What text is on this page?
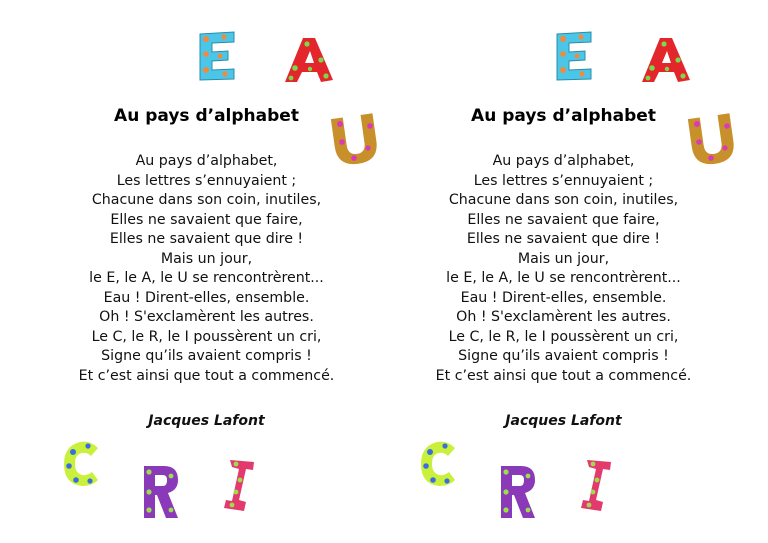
Au pays d’alphabet
Au pays d’alphabet,
Les lettres s’ennuyaient ;
Chacune dans son coin, inutiles,
Elles ne savaient que faire,
Elles ne savaient que dire !
Mais un jour,
le E, le A, le U se rencontrèrent...
Eau ! Dirent-elles, ensemble.
Oh ! S'exclamèrent les autres.
Le C, le R, le I poussèrent un cri,
Signe qu’ils avaient compris !
Et c’est ainsi que tout a commencé.
Jacques Lafont
Au pays d’alphabet
Au pays d’alphabet,
Les lettres s’ennuyaient ;
Chacune dans son coin, inutiles,
Elles ne savaient que faire,
Elles ne savaient que dire !
Mais un jour,
le E, le A, le U se rencontrèrent...
Eau ! Dirent-elles, ensemble.
Oh ! S'exclamèrent les autres.
Le C, le R, le I poussèrent un cri,
Signe qu’ils avaient compris !
Et c’est ainsi que tout a commencé.
Jacques Lafont
